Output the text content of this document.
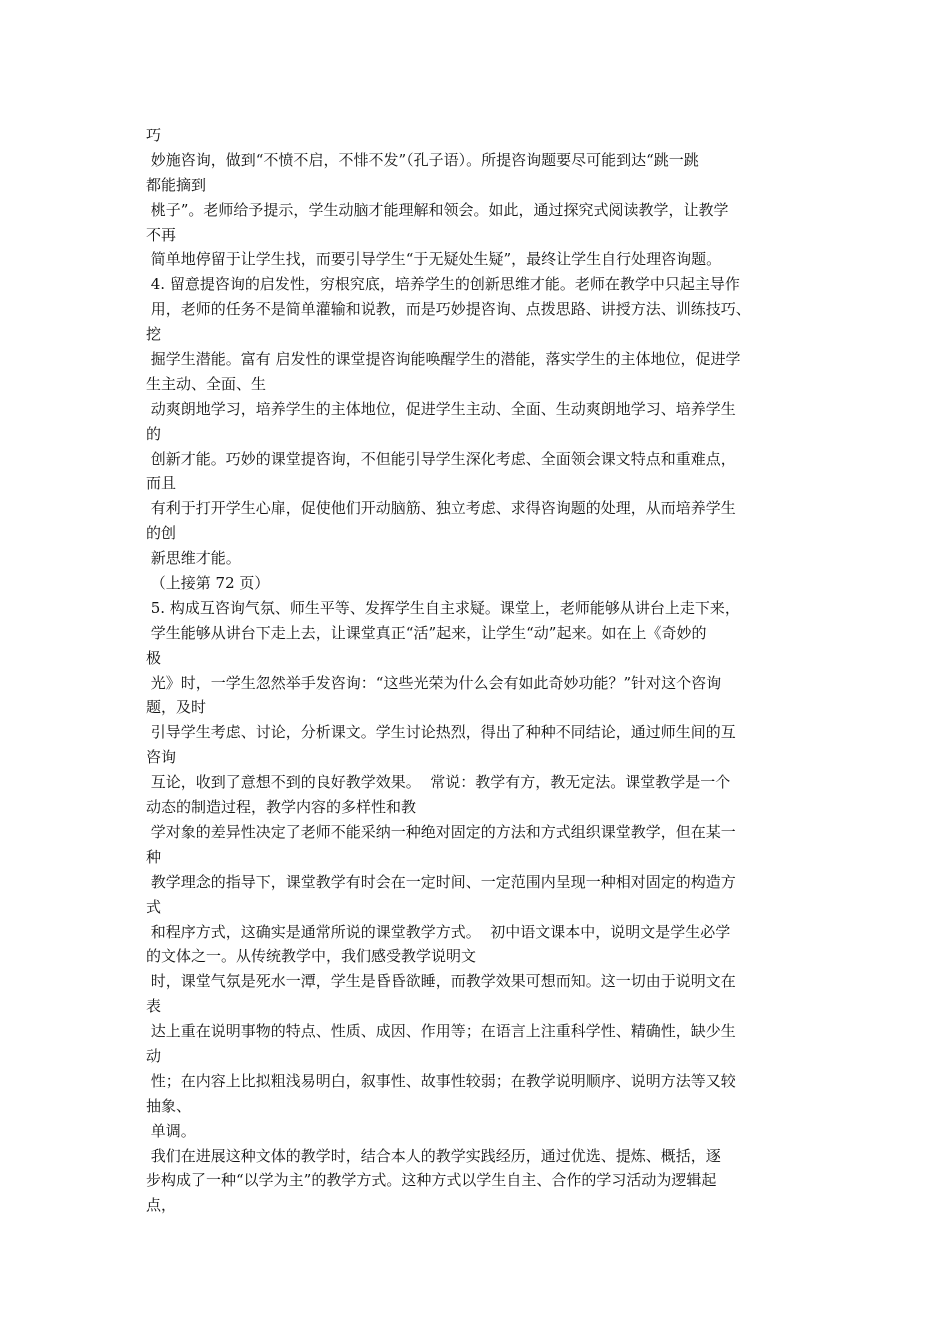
巧

妙施咨询，做到“不愤不启，不悱不发”（孔子语）。所提咨询题要尽可能到达“跳一跳

都能摘到

桃子”。老师给予提示，学生动脑才能理解和领会。如此，通过探究式阅读教学，让教学

不再

简单地停留于让学生找，而要引导学生“于无疑处生疑”，最终让学生自行处理咨询题。

4. 留意提咨询的启发性，穷根究底，培养学生的创新思维才能。老师在教学中只起主导作

用，老师的任务不是简单灌输和说教，而是巧妙提咨询、点拨思路、讲授方法、训练技巧、

挖

掘学生潜能。富有 启发性的课堂提咨询能唤醒学生的潜能，落实学生的主体地位，促进学

生主动、全面、生

动爽朗地学习，培养学生的主体地位，促进学生主动、全面、生动爽朗地学习、培养学生

的

创新才能。巧妙的课堂提咨询，不但能引导学生深化考虑、全面领会课文特点和重难点，

而且

有利于打开学生心扉，促使他们开动脑筋、独立考虑、求得咨询题的处理，从而培养学生

的创

新思维才能。

（上接第 72 页）

5. 构成互咨询气氛、师生平等、发挥学生自主求疑。课堂上，老师能够从讲台上走下来，

学生能够从讲台下走上去，让课堂真正“活”起来，让学生“动”起来。如在上《奇妙的

极

光》时，一学生忽然举手发咨询：“这些光荣为什么会有如此奇妙功能？”针对这个咨询

题，及时

引导学生考虑、讨论，分析课文。学生讨论热烈，得出了种种不同结论，通过师生间的互

咨询

互论，收到了意想不到的良好教学效果。  常说：教学有方，教无定法。课堂教学是一个

动态的制造过程，教学内容的多样性和教

学对象的差异性决定了老师不能采纳一种绝对固定的方法和方式组织课堂教学，但在某一

种

教学理念的指导下，课堂教学有时会在一定时间、一定范围内呈现一种相对固定的构造方

式

和程序方式，这确实是通常所说的课堂教学方式。  初中语文课本中，说明文是学生必学

的文体之一。从传统教学中，我们感受教学说明文

时，课堂气氛是死水一潭，学生是昏昏欲睡，而教学效果可想而知。这一切由于说明文在

表

达上重在说明事物的特点、性质、成因、作用等；在语言上注重科学性、精确性，缺少生

动

性；在内容上比拟粗浅易明白，叙事性、故事性较弱；在教学说明顺序、说明方法等又较

抽象、

单调。

我们在进展这种文体的教学时，结合本人的教学实践经历，通过优选、提炼、概括，逐

步构成了一种“以学为主”的教学方式。这种方式以学生自主、合作的学习活动为逻辑起

点，
